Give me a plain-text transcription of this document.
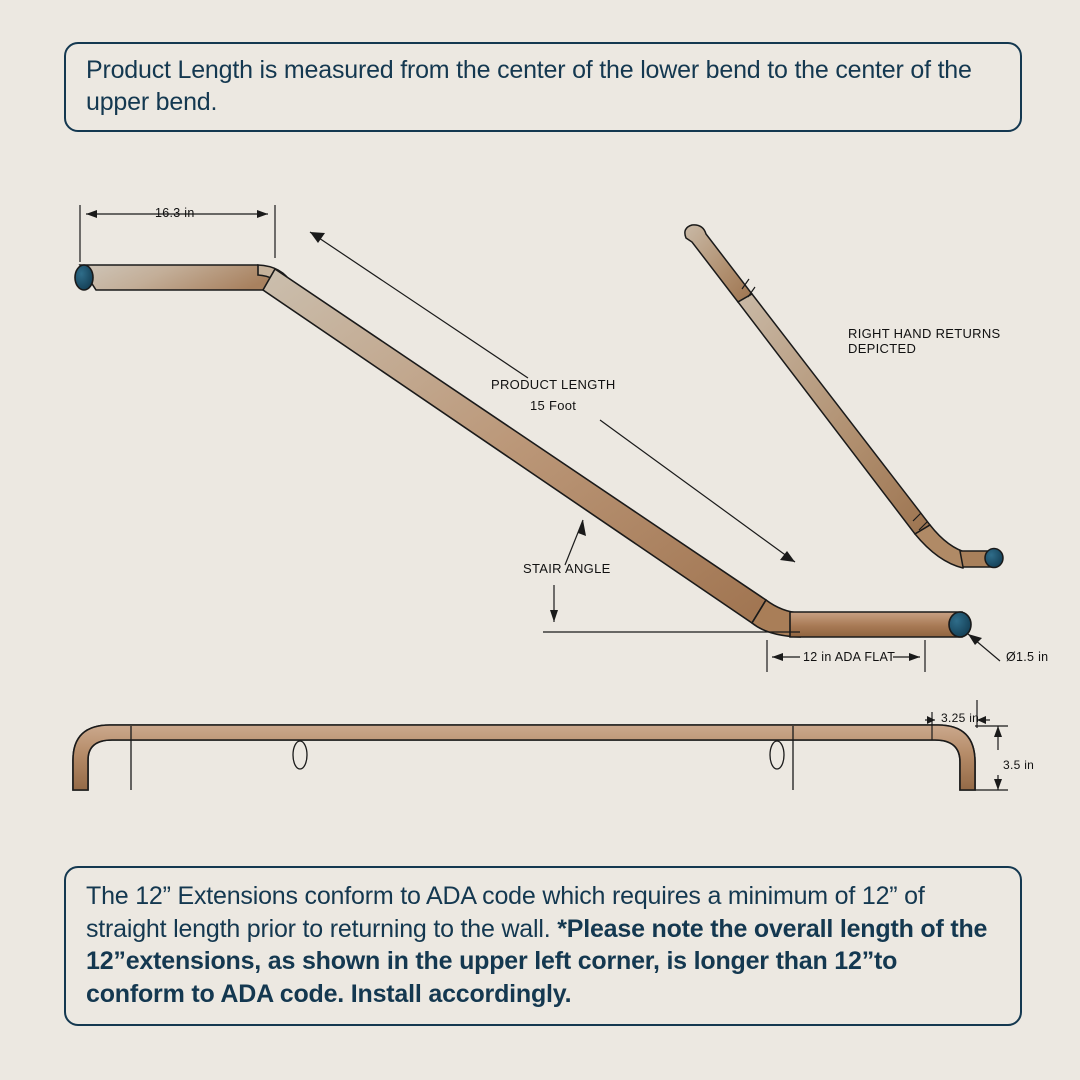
Product Length is measured from the center of the lower bend to the center of the upper bend.

16.3 in
PRODUCT LENGTH
15 Foot
STAIR ANGLE
12 in ADA FLAT	Ø1.5 in
RIGHT HAND RETURNS
DEPICTED
3.25 in
3.5 in

The 12” Extensions conform to ADA code which requires a minimum of 12” of straight length prior to returning to the wall. *Please note the overall length of the 12”extensions, as shown in the upper left corner, is longer than 12”to conform to ADA code. Install accordingly.
